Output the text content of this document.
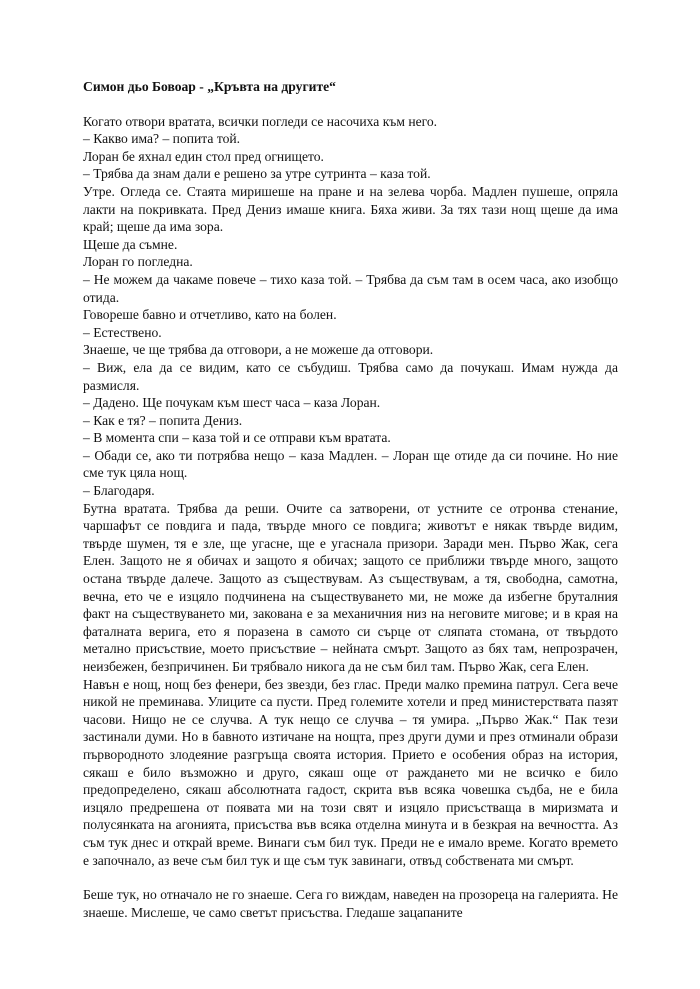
Симон дьо Бовоар - „Кръвта на другите“

Когато отвори вратата, всички погледи се насочиха към него.

– Какво има? – попита той.

Лоран бе яхнал един стол пред огнището.

– Трябва да знам дали е решено за утре сутринта – каза той.

Утре. Огледа се. Стаята миришеше на пране и на зелева чорба. Мадлен пушеше, опряла лакти на покривката. Пред Дениз имаше книга. Бяха живи. За тях тази нощ щеше да има край; щеше да има зора.

Щеше да съмне.

Лоран го погледна.

– Не можем да чакаме повече – тихо каза той. – Трябва да съм там в осем часа, ако изобщо отида.

Говореше бавно и отчетливо, като на болен.

– Естествено.

Знаеше, че ще трябва да отговори, а не можеше да отговори.

– Виж, ела да се видим, като се събудиш. Трябва само да почукаш. Имам нужда да размисля.

– Дадено. Ще почукам към шест часа – каза Лоран.

– Как е тя? – попита Дениз.

– В момента спи – каза той и се отправи към вратата.

– Обади се, ако ти потрябва нещо – каза Мадлен. – Лоран ще отиде да си почине. Но ние сме тук цяла нощ.

– Благодаря.

Бутна вратата. Трябва да реши. Очите са затворени, от устните се отронва стенание, чаршафът се повдига и пада, твърде много се повдига; животът е някак твърде видим, твърде шумен, тя е зле, ще угасне, ще е угаснала призори. Заради мен. Първо Жак, сега Елен. Защото не я обичах и защото я обичах; защото се приближи твърде много, защото остана твърде далече. Защото аз съществувам. Аз съществувам, а тя, свободна, самотна, вечна, ето че е изцяло подчинена на съществуването ми, не може да избегне бруталния факт на съществуването ми, закована е за механичния низ на неговите мигове; и в края на фаталната верига, ето я поразена в самото си сърце от сляпата стомана, от твърдото метално присъствие, моето присъствие – нейната смърт. Защото аз бях там, непрозрачен, неизбежен, безпричинен. Би трябвало никога да не съм бил там. Първо Жак, сега Елен.

Навън е нощ, нощ без фенери, без звезди, без глас. Преди малко премина патрул. Сега вече никой не преминава. Улиците са пусти. Пред големите хотели и пред министерствата пазят часови. Нищо не се случва. А тук нещо се случва – тя умира. „Първо Жак.“ Пак тези застинали думи. Но в бавното изтичане на нощта, през други думи и през отминали образи първородното злодеяние разгръща своята история. Прието е особения образ на история, сякаш е било възможно и друго, сякаш още от раждането ми не всичко е било предопределено, сякаш абсолютната гадост, скрита във всяка човешка съдба, не е била изцяло предрешена от появата ми на този свят и изцяло присъстваща в миризмата и полусянката на агонията, присъства във всяка отделна минута и в безкрая на вечността. Аз съм тук днес и открай време. Винаги съм бил тук. Преди не е имало време. Когато времето е започнало, аз вече съм бил тук и ще съм тук завинаги, отвъд собствената ми смърт.

Беше тук, но отначало не го знаеше. Сега го виждам, наведен на прозореца на галерията. Не знаеше. Мислеше, че само светът присъства. Гледаше зацапаните
